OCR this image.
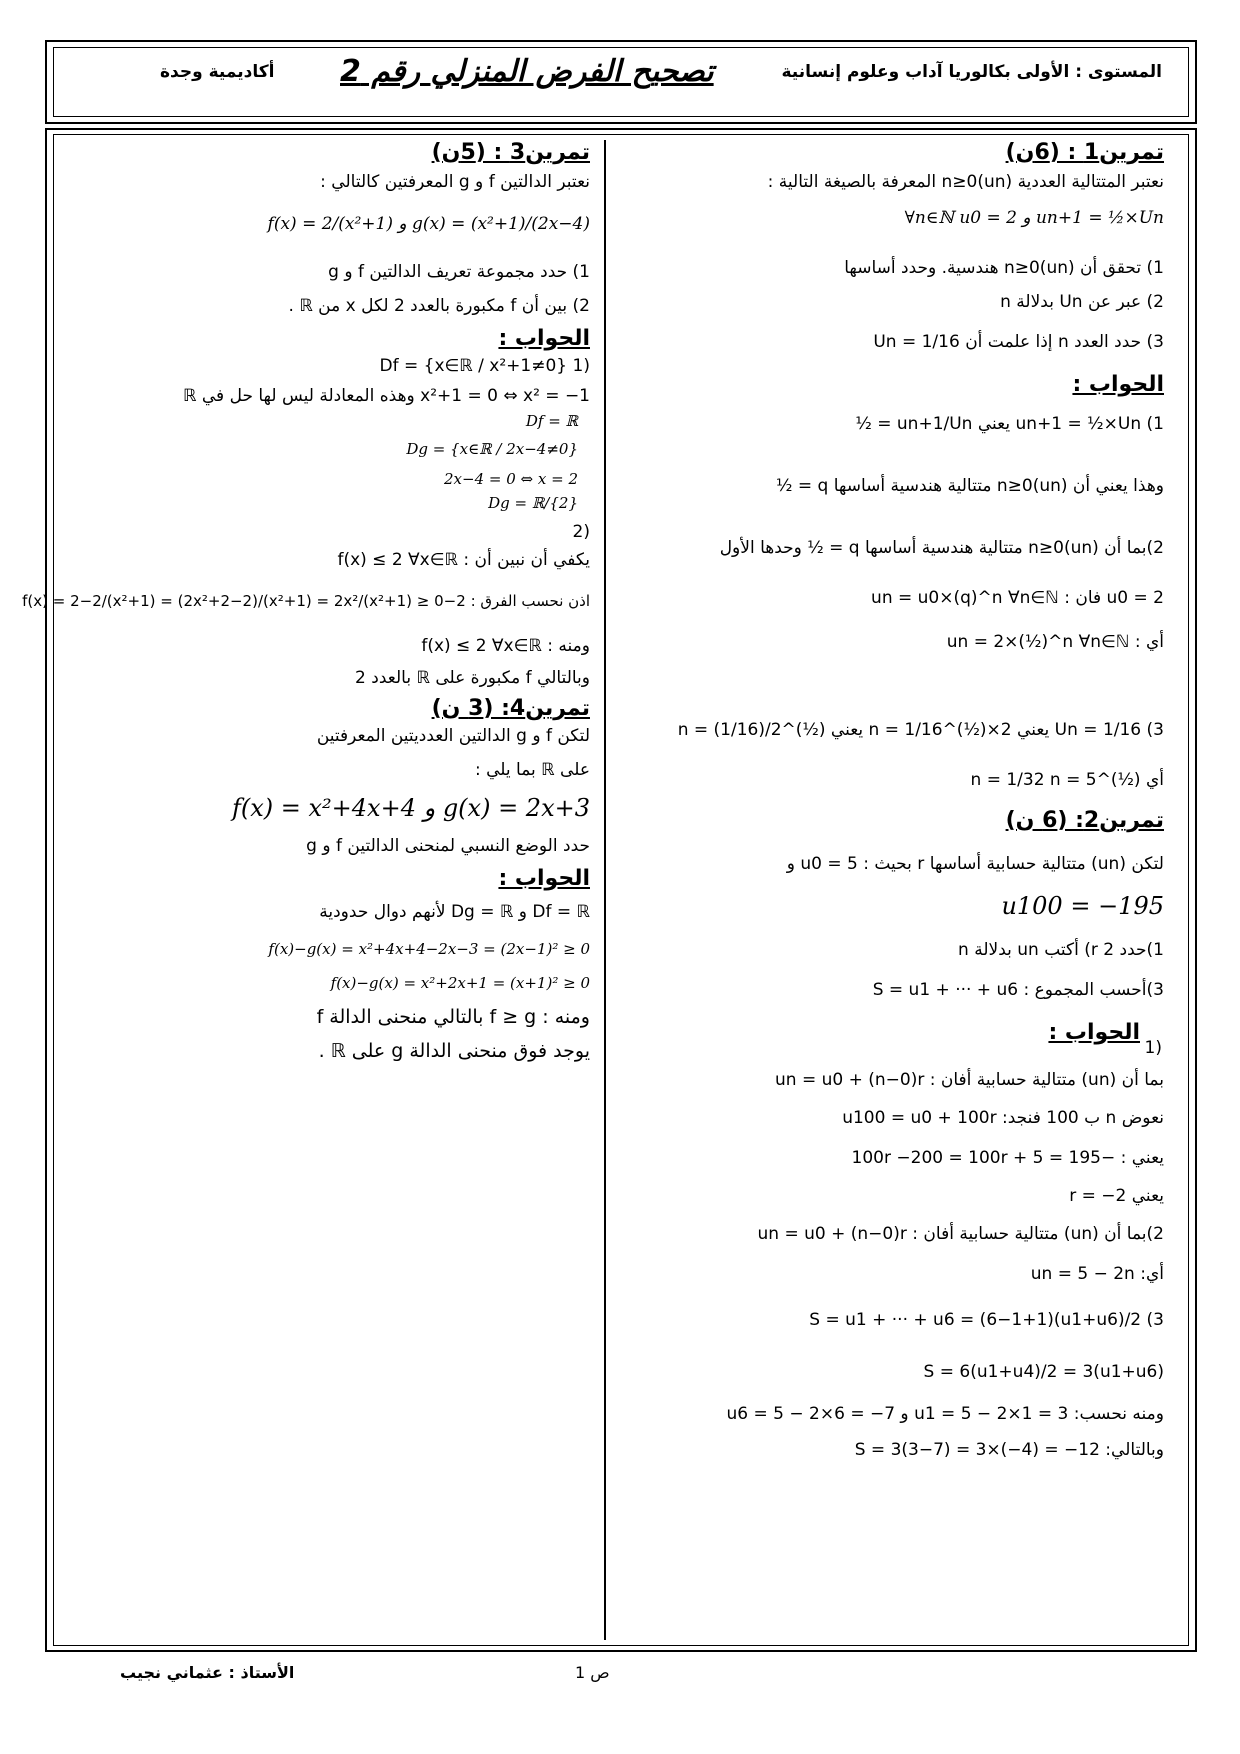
المستوى : الأولى بكالوريا آداب وعلوم إنسانية
تصحيح الفرض المنزلي رقم 2
أكاديمية وجدة
تمرين1 : (6ن)
نعتبر المتتالية العددية (un)n≥0 المعرفة بالصيغة التالية :
∀n∈ℕ u0 = 2 و un+1 = ½×Un
1) تحقق أن (un)n≥0 هندسية. وحدد أساسها
2) عبر عن Un بدلالة n
3) حدد العدد n إذا علمت أن Un = 1/16
الحواب :
1) un+1 = ½×Un يعني un+1/Un = ½
وهذا يعني أن (un)n≥0 متتالية هندسية أساسها q = ½
2)بما أن (un)n≥0 متتالية هندسية أساسها q = ½ وحدها الأول
u0 = 2 فان : un = u0×(q)^n ∀n∈ℕ
أي : un = 2×(½)^n ∀n∈ℕ
3) Un = 1/16 يعني 2×(½)^n = 1/16 يعني (½)^n = (1/16)/2
أي (½)^n = 1/32 n = 5
تمرين2: (6 ن)
لتكن (un) متتالية حسابية أساسها r بحيث : u0 = 5 و
u100 = −195
1)حدد r 2) أكتب un بدلالة n
3)أحسب المجموع : S = u1 + ··· + u6
الحواب :
(1
بما أن (un) متتالية حسابية أفان : un = u0 + (n−0)r
نعوض n ب 100 فنجد: u100 = u0 + 100r
يعني : −195 = 5 + 100r −200 = 100r
يعني r = −2
2)بما أن (un) متتالية حسابية أفان : un = u0 + (n−0)r
أي: un = 5 − 2n
3) S = u1 + ··· + u6 = (6−1+1)(u1+u6)/2
S = 6(u1+u4)/2 = 3(u1+u6)
ومنه نحسب: u1 = 5 − 2×1 = 3 و u6 = 5 − 2×6 = −7
وبالتالي: S = 3(3−7) = 3×(−4) = −12
تمرين3 : (5ن)
نعتبر الدالتين f و g المعرفتين كالتالي :
f(x) = 2/(x²+1) و g(x) = (x²+1)/(2x−4)
1) حدد مجموعة تعريف الدالتين f و g
2) بين أن f مكبورة بالعدد 2 لكل x من ℝ .
الحواب :
(1 Df = {x∈ℝ / x²+1≠0}
x²+1 = 0 ⇔ x² = −1 وهذه المعادلة ليس لها حل في ℝ
Df = ℝ
Dg = {x∈ℝ / 2x−4≠0}
2x−4 = 0 ⇔ x = 2
Dg = ℝ/{2}
(2
يكفي أن نبين أن : f(x) ≤ 2 ∀x∈ℝ
اذن نحسب الفرق : 2−f(x) = 2−2/(x²+1) = (2x²+2−2)/(x²+1) = 2x²/(x²+1) ≥ 0
ومنه : f(x) ≤ 2 ∀x∈ℝ
وبالتالي f مكبورة على ℝ بالعدد 2
تمرين4: (3 ن)
لتكن f و g الدالتين العدديتين المعرفتين
على ℝ بما يلي :
f(x) = x²+4x+4 و g(x) = 2x+3
حدد الوضع النسبي لمنحنى الدالتين f و g
الحواب :
Df = ℝ و Dg = ℝ لأنهم دوال حدودية
f(x)−g(x) = x²+4x+4−2x−3 = (2x−1)² ≥ 0
f(x)−g(x) = x²+2x+1 = (x+1)² ≥ 0
ومنه : f ≥ g بالتالي منحنى الدالة f
يوجد فوق منحنى الدالة g على ℝ .
الأستاذ : عثماني نجيب	ص 1
